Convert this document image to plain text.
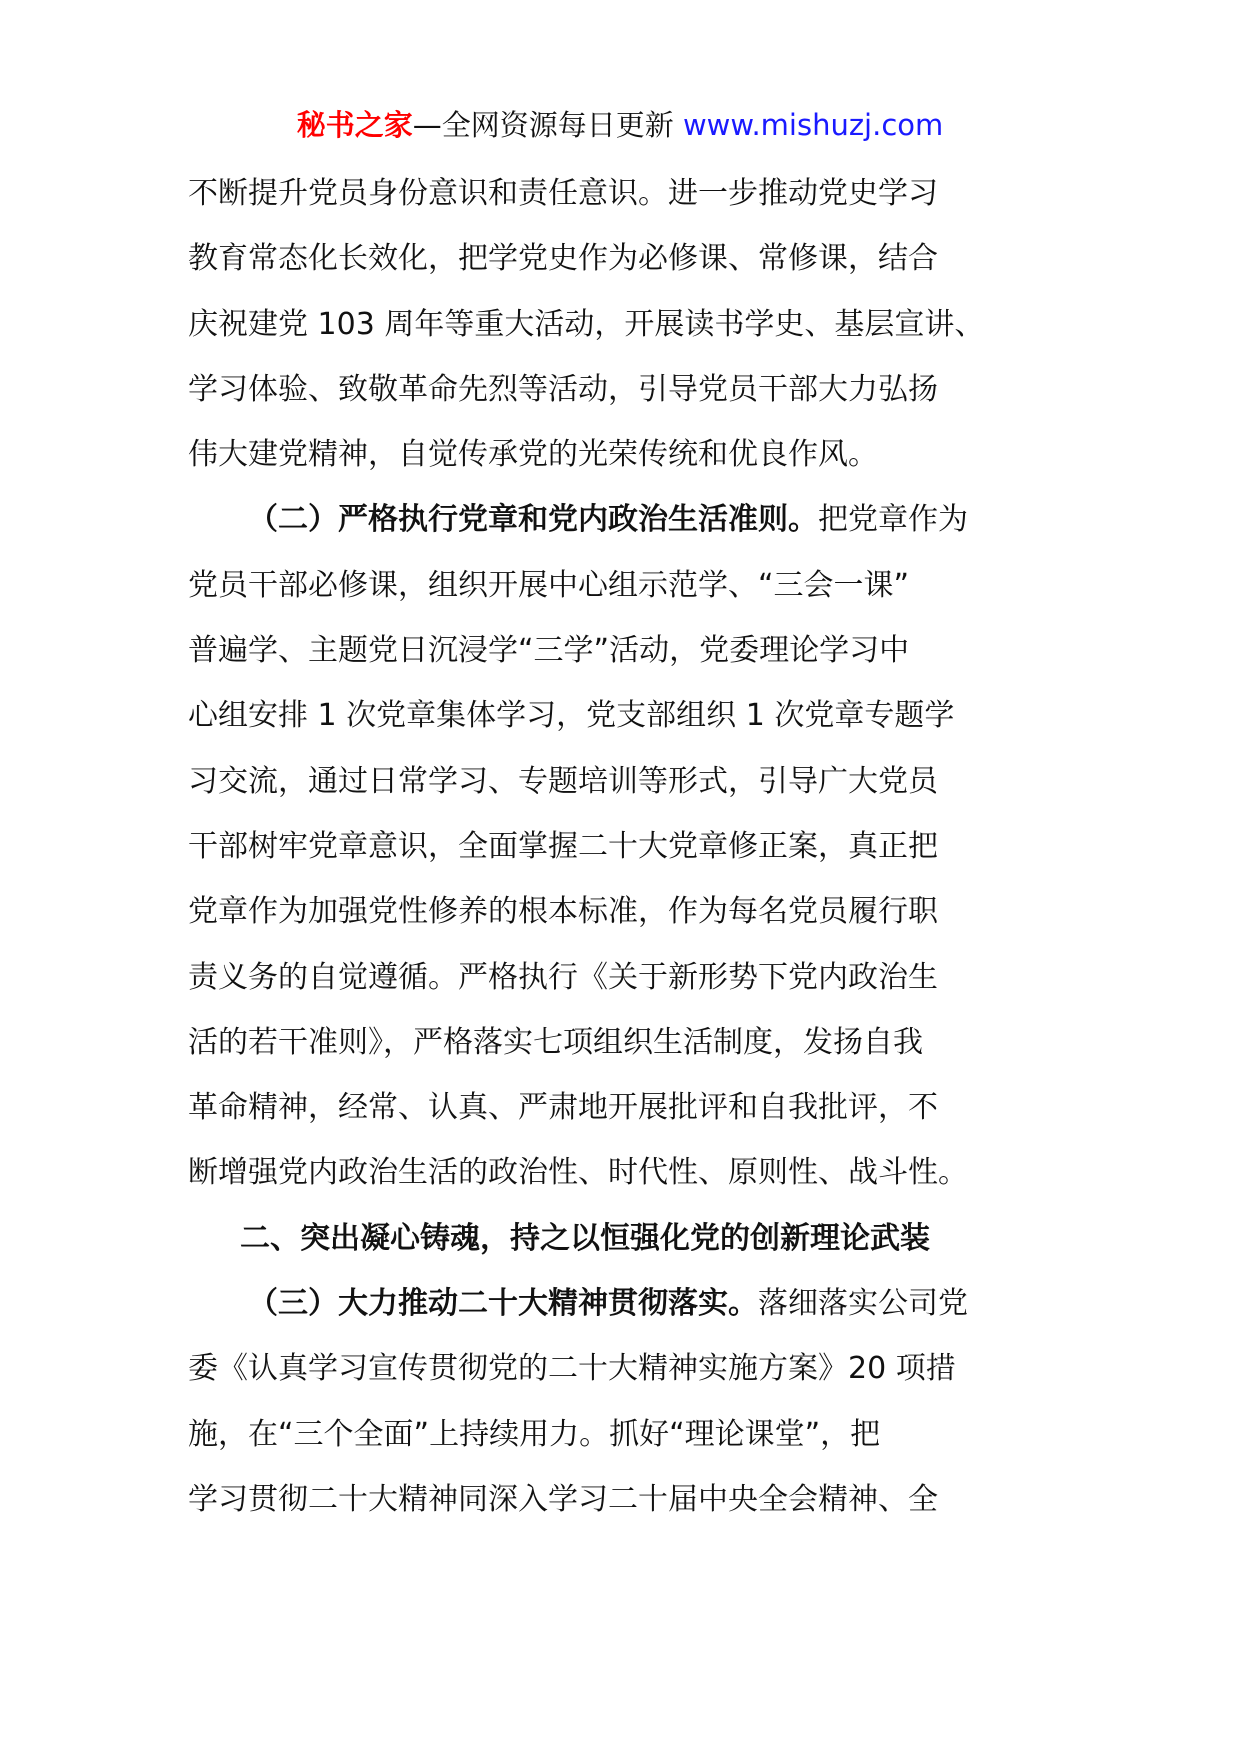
秘书之家—全网资源每日更新 www.mishuzj.com
不断提升党员身份意识和责任意识。进一步推动党史学习
教育常态化长效化，把学党史作为必修课、常修课，结合
庆祝建党 103 周年等重大活动，开展读书学史、基层宣讲、
学习体验、致敬革命先烈等活动，引导党员干部大力弘扬
伟大建党精神，自觉传承党的光荣传统和优良作风。
（二）严格执行党章和党内政治生活准则。把党章作为
党员干部必修课，组织开展中心组示范学、“三会一课”
普遍学、主题党日沉浸学“三学”活动，党委理论学习中
心组安排 1 次党章集体学习，党支部组织 1 次党章专题学
习交流，通过日常学习、专题培训等形式，引导广大党员
干部树牢党章意识，全面掌握二十大党章修正案，真正把
党章作为加强党性修养的根本标准，作为每名党员履行职
责义务的自觉遵循。严格执行《关于新形势下党内政治生
活的若干准则》，严格落实七项组织生活制度，发扬自我
革命精神，经常、认真、严肃地开展批评和自我批评，不
断增强党内政治生活的政治性、时代性、原则性、战斗性。
二、突出凝心铸魂，持之以恒强化党的创新理论武装
（三）大力推动二十大精神贯彻落实。落细落实公司党
委《认真学习宣传贯彻党的二十大精神实施方案》20 项措
施，在“三个全面”上持续用力。抓好“理论课堂”，把
学习贯彻二十大精神同深入学习二十届中央全会精神、全
